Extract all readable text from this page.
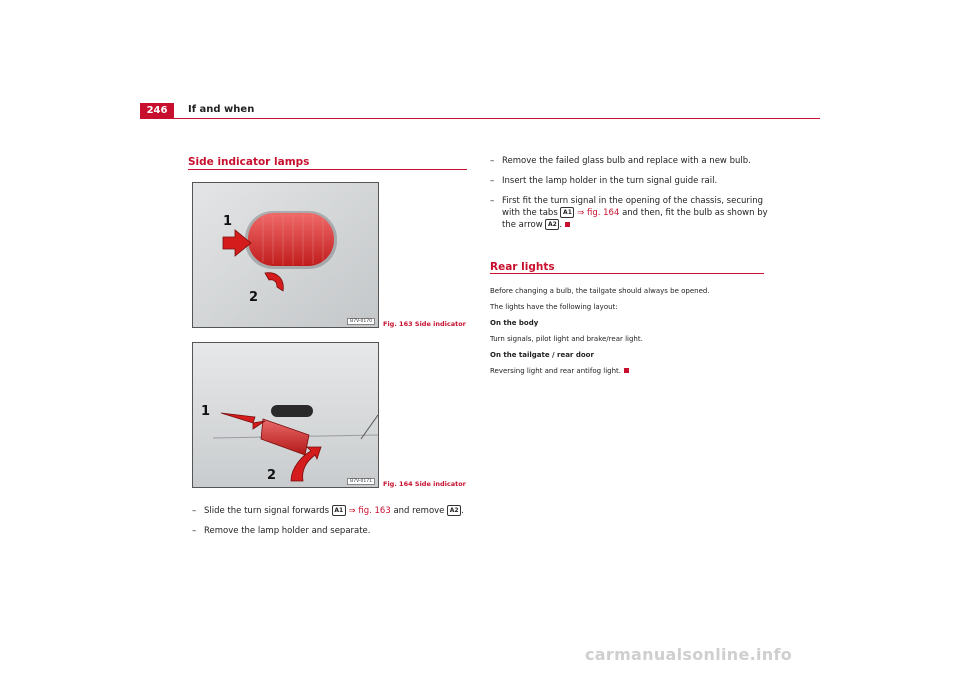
246	If and when
Side indicator lamps
1
2
B7V-0170	Fig. 163 Side indicator
1
2	B7V-0171	Fig. 164 Side indicator
– Slide the turn signal forwards A1 ⇒ fig. 163 and remove A2 .
– Remove the lamp holder and separate.
– Remove the failed glass bulb and replace with a new bulb.
– Insert the lamp holder in the turn signal guide rail.
– First fit the turn signal in the opening of the chassis, securing
with the tabs A1 ⇒ fig. 164 and then, fit the bulb as shown by
the arrow A2 .
Rear lights
Before changing a bulb, the tailgate should always be opened.
The lights have the following layout:
On the body
Turn signals, pilot light and brake/rear light.
On the tailgate / rear door
Reversing light and rear antifog light.
carmanualsonline.info
